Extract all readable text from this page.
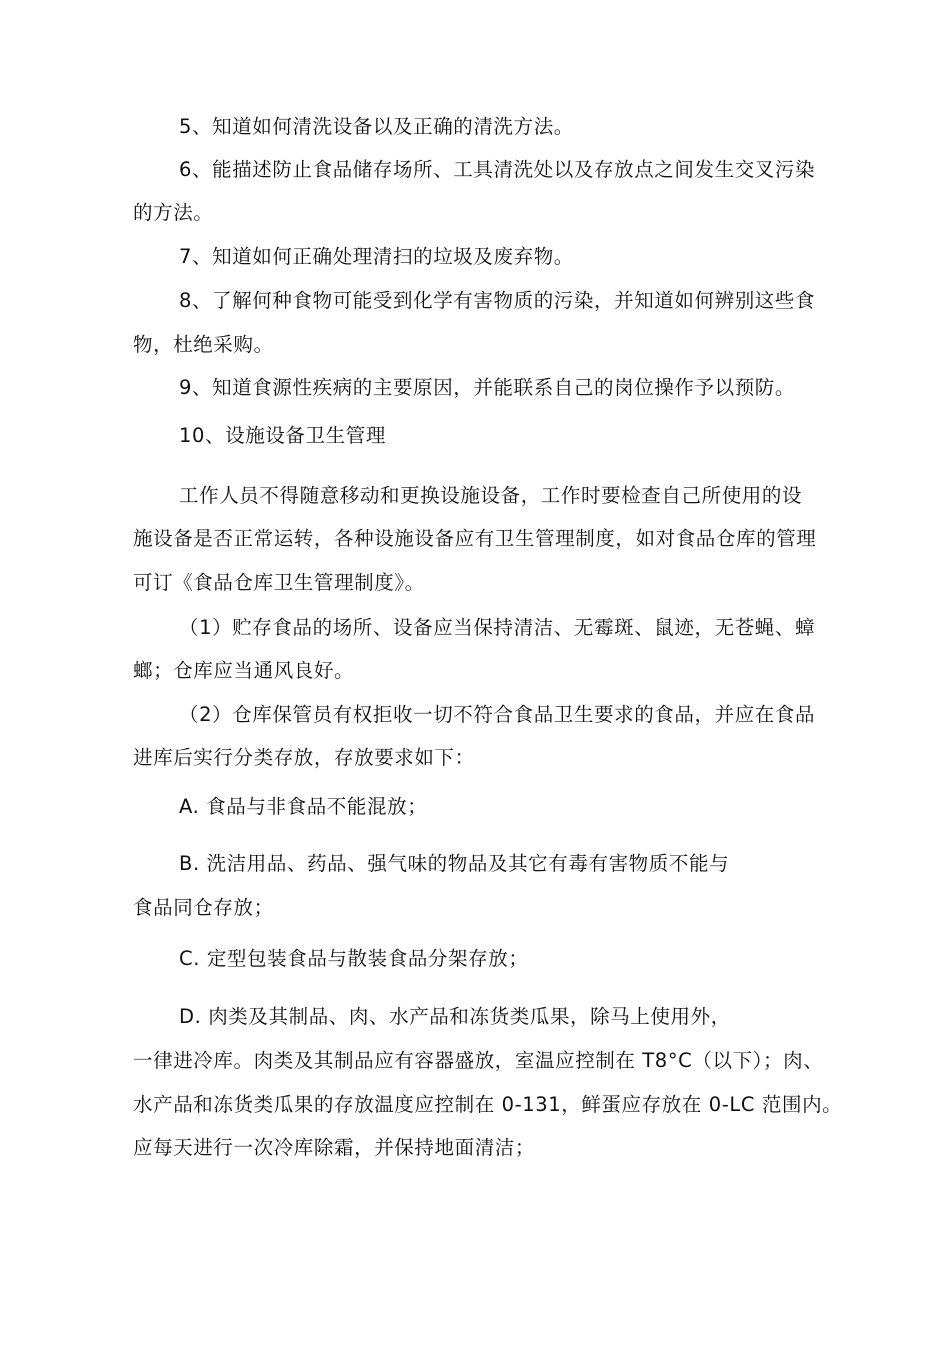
5、知道如何清洗设备以及正确的清洗方法。

6、能描述防止食品储存场所、工具清洗处以及存放点之间发生交叉污染

的方法。

7、知道如何正确处理清扫的垃圾及废弃物。

8、了解何种食物可能受到化学有害物质的污染，并知道如何辨别这些食

物，杜绝采购。

9、知道食源性疾病的主要原因，并能联系自己的岗位操作予以预防。

10、设施设备卫生管理

工作人员不得随意移动和更换设施设备，工作时要检查自己所使用的设

施设备是否正常运转，各种设施设备应有卫生管理制度，如对食品仓库的管理

可订《食品仓库卫生管理制度》。

（1）贮存食品的场所、设备应当保持清洁、无霉斑、鼠迹，无苍蝇、蟑

螂；仓库应当通风良好。

（2）仓库保管员有权拒收一切不符合食品卫生要求的食品，并应在食品

进库后实行分类存放，存放要求如下：

A. 食品与非食品不能混放；

B. 洗洁用品、药品、强气味的物品及其它有毒有害物质不能与

食品同仓存放；

C. 定型包装食品与散装食品分架存放；

D. 肉类及其制品、肉、水产品和冻货类瓜果，除马上使用外，

一律进冷库。肉类及其制品应有容器盛放，室温应控制在 T8°C（以下）；肉、

水产品和冻货类瓜果的存放温度应控制在 0-131，鲜蛋应存放在 0-LC 范围内。

应每天进行一次冷库除霜，并保持地面清洁；
